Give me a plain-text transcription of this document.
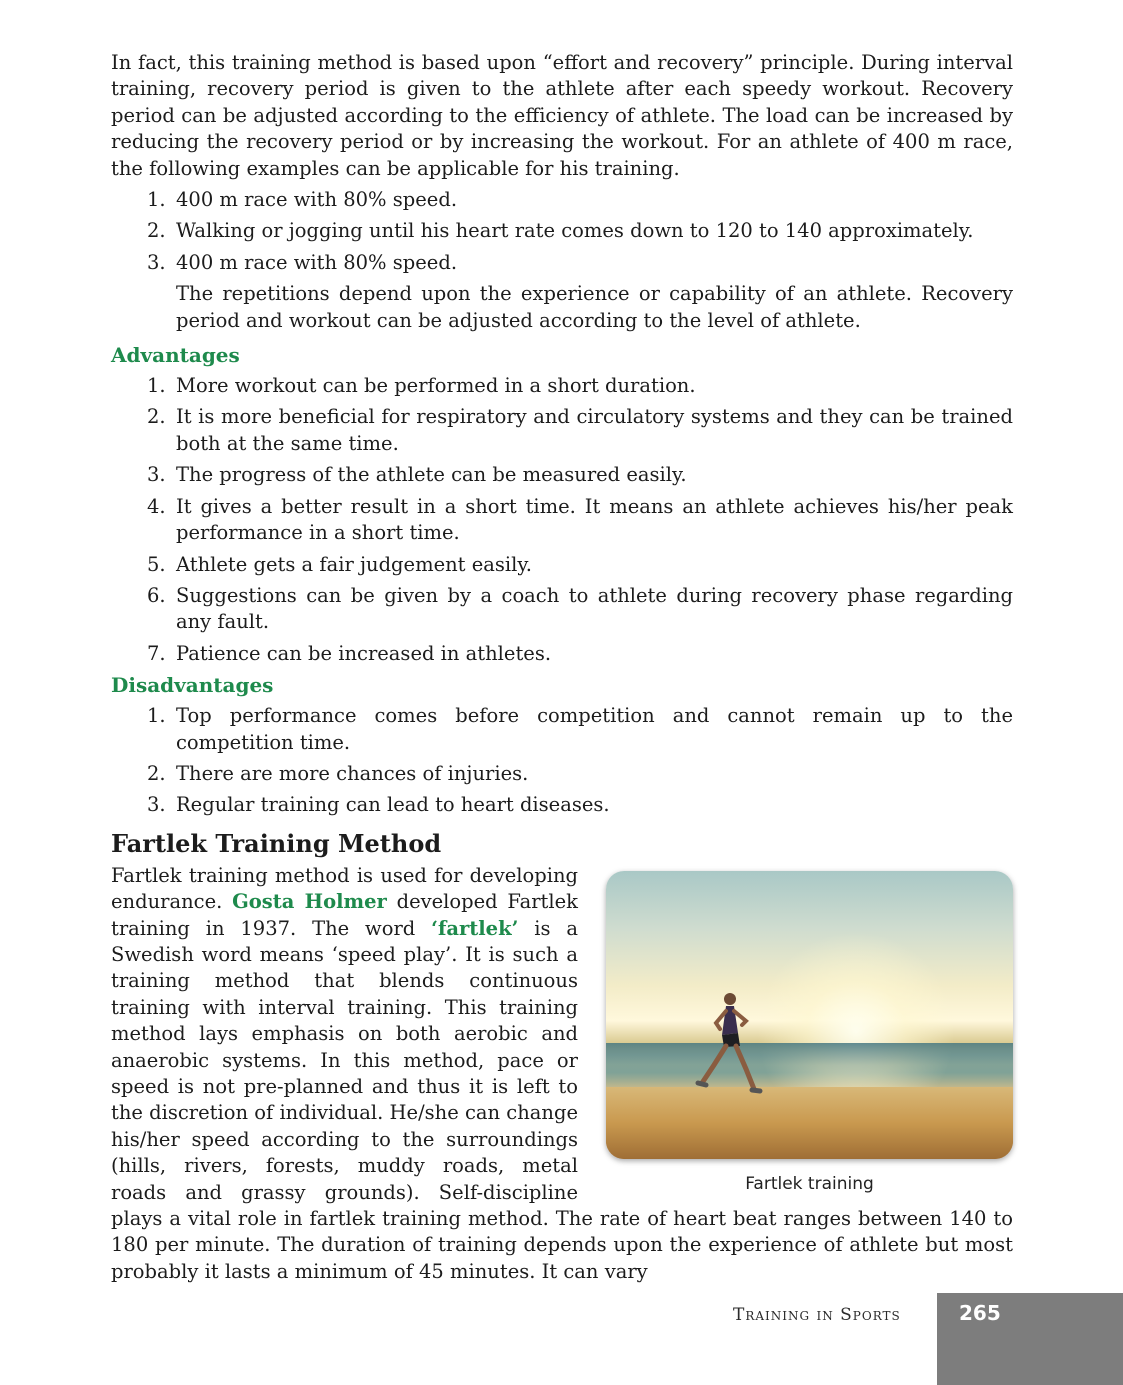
In fact, this training method is based upon “effort and recovery” principle. During interval training, recovery period is given to the athlete after each speedy workout. Recovery period can be adjusted according to the efficiency of athlete. The load can be increased by reducing the recovery period or by increasing the workout. For an athlete of 400 m race, the following examples can be applicable for his training.

1. 400 m race with 80% speed.
2. Walking or jogging until his heart rate comes down to 120 to 140 approximately.
3. 400 m race with 80% speed.

The repetitions depend upon the experience or capability of an athlete. Recovery period and workout can be adjusted according to the level of athlete.

Advantages
1. More workout can be performed in a short duration.
2. It is more beneficial for respiratory and circulatory systems and they can be trained both at the same time.
3. The progress of the athlete can be measured easily.
4. It gives a better result in a short time. It means an athlete achieves his/her peak performance in a short time.
5. Athlete gets a fair judgement easily.
6. Suggestions can be given by a coach to athlete during recovery phase regarding any fault.
7. Patience can be increased in athletes.
Disadvantages
1. Top performance comes before competition and cannot remain up to the competition time.
2. There are more chances of injuries.
3. Regular training can lead to heart diseases.
Fartlek Training Method
Fartlek training

Fartlek training method is used for developing endurance. Gosta Holmer developed Fartlek training in 1937. The word ‘fartlek’ is a Swedish word means ‘speed play’. It is such a training method that blends continuous training with interval training. This training method lays emphasis on both aerobic and anaerobic systems. In this method, pace or speed is not pre-planned and thus it is left to the discretion of individual. He/she can change his/her speed according to the surroundings (hills, rivers, forests, muddy roads, metal roads and grassy grounds). Self-discipline plays a vital role in fartlek training method. The rate of heart beat ranges between 140 to 180 per minute. The duration of training depends upon the experience of athlete but most probably it lasts a minimum of 45 minutes. It can vary

Training in Sports	265
